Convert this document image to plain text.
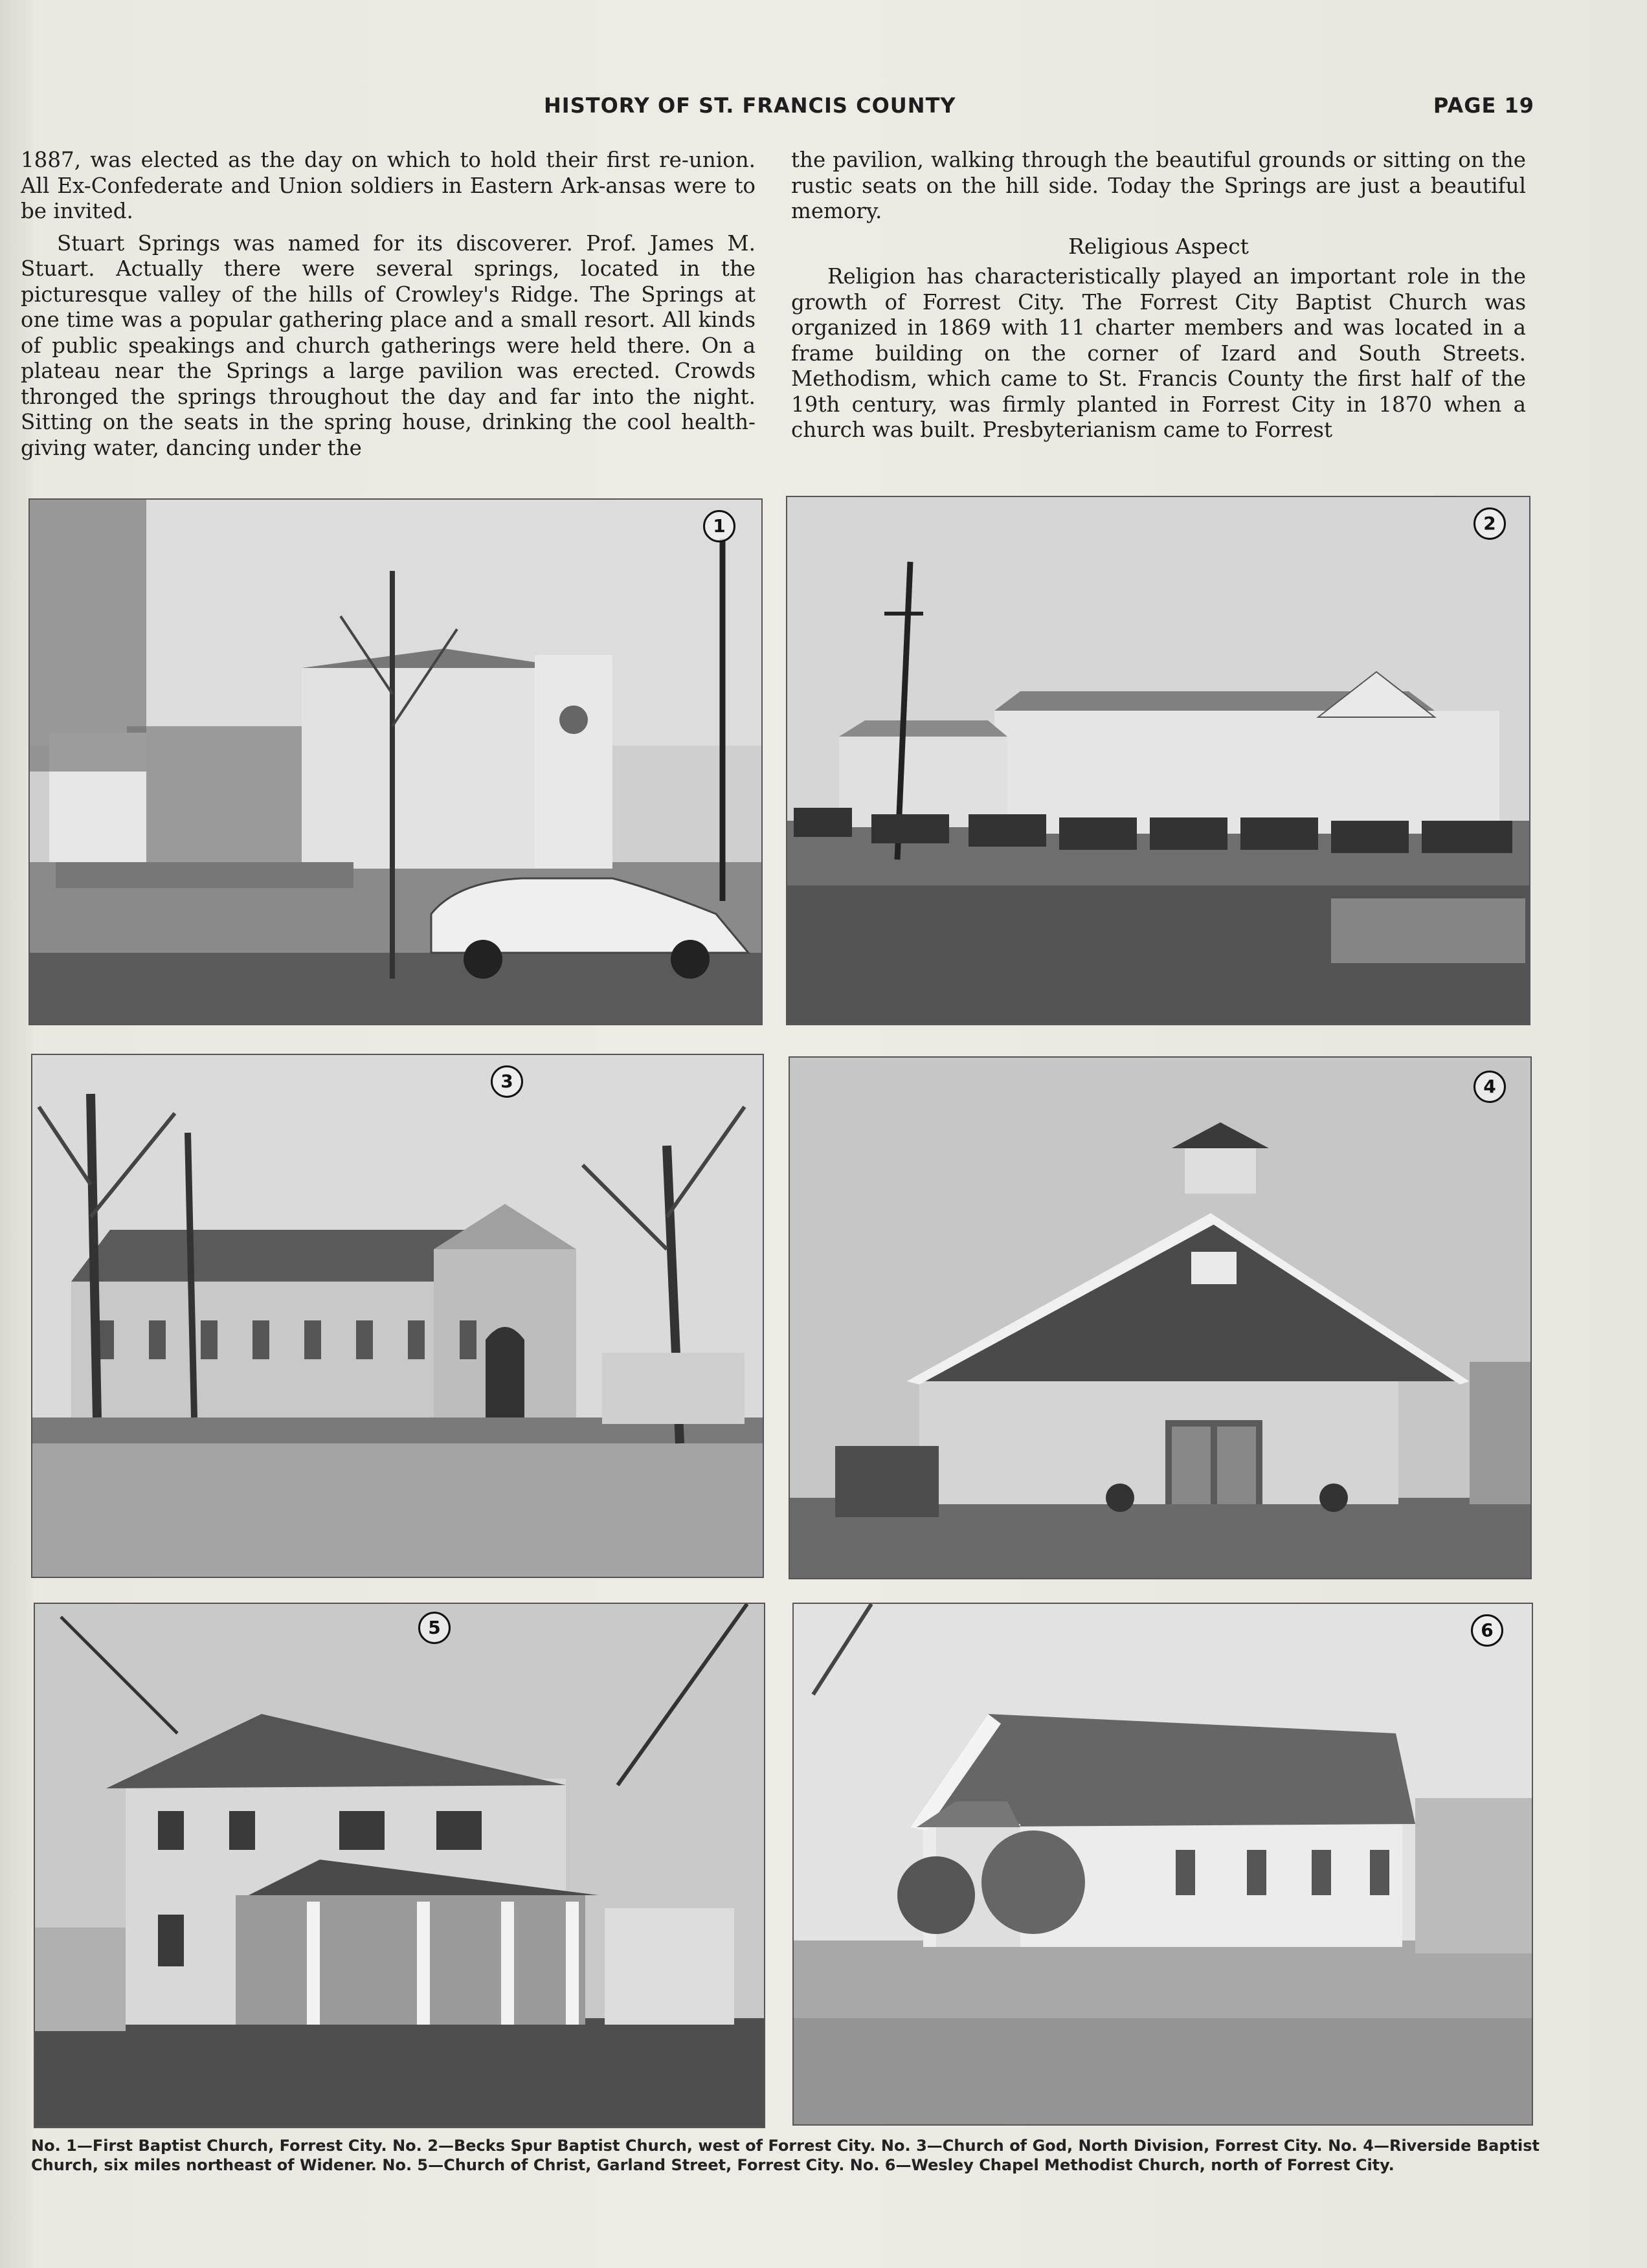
HISTORY OF ST. FRANCIS COUNTY	PAGE 19

1887, was elected as the day on which to hold their first re-union. All Ex-Confederate and Union soldiers in Eastern Ark-ansas were to be invited.

Stuart Springs was named for its discoverer. Prof. James M. Stuart. Actually there were several springs, located in the picturesque valley of the hills of Crowley's Ridge. The Springs at one time was a popular gathering place and a small resort. All kinds of public speakings and church gatherings were held there. On a plateau near the Springs a large pavilion was erected. Crowds thronged the springs throughout the day and far into the night. Sitting on the seats in the spring house, drinking the cool health-giving water, dancing under the

the pavilion, walking through the beautiful grounds or sitting on the rustic seats on the hill side. Today the Springs are just a beautiful memory.

Religious Aspect

Religion has characteristically played an important role in the growth of Forrest City. The Forrest City Baptist Church was organized in 1869 with 11 charter members and was located in a frame building on the corner of Izard and South Streets. Methodism, which came to St. Francis County the first half of the 19th century, was firmly planted in Forrest City in 1870 when a church was built. Presbyterianism came to Forrest

1	2
3	4
5	6
No. 1—First Baptist Church, Forrest City. No. 2—Becks Spur Baptist Church, west of Forrest City. No. 3—Church of God, North Division, Forrest City. No. 4—Riverside Baptist Church, six miles northeast of Widener. No. 5—Church of Christ, Garland Street, Forrest City. No. 6—Wesley Chapel Methodist Church, north of Forrest City.
